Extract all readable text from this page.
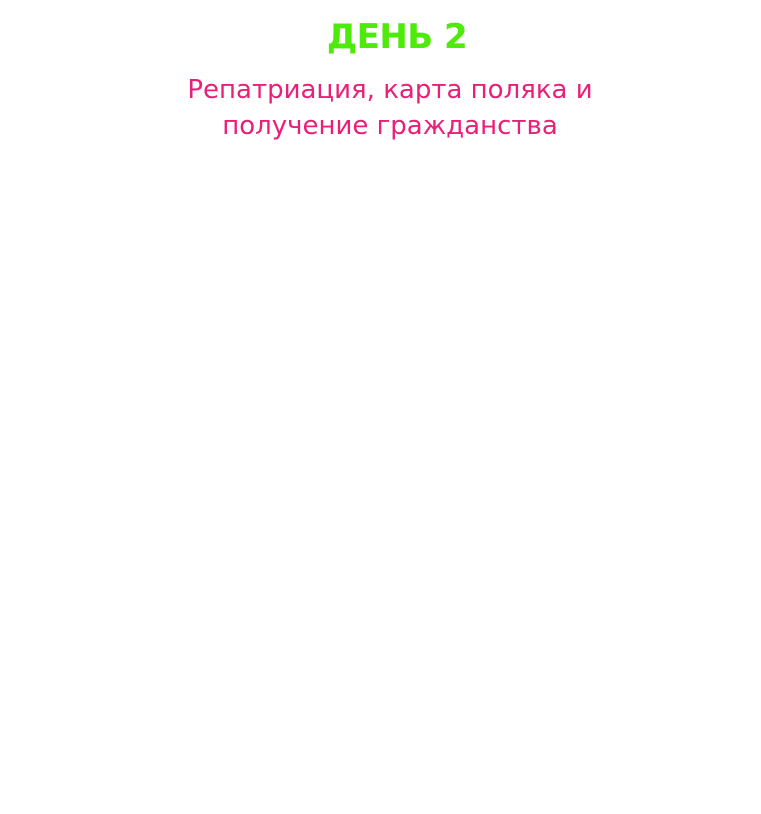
ДЕНЬ 2

Репатриация, карта поляка и получение гражданства
